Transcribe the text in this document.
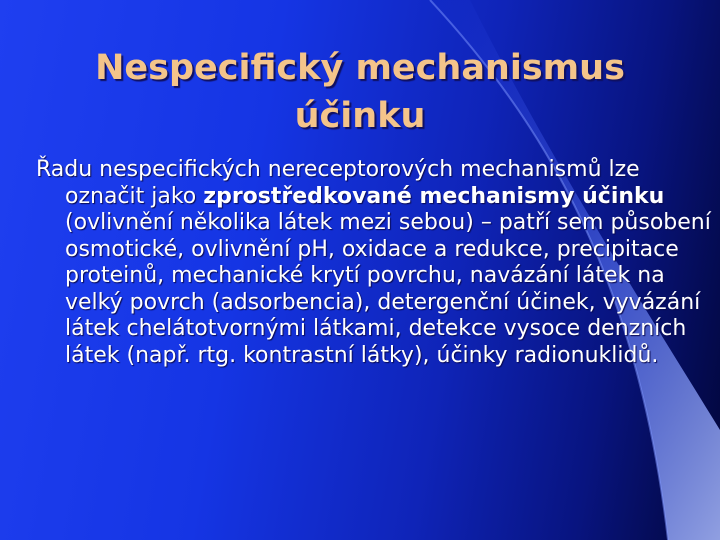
Nespecifický mechanismus
účinku

Řadu nespecifických nereceptorových mechanismů lze označit jako zprostředkované mechanismy účinku (ovlivnění několika látek mezi sebou) – patří sem působení osmotické, ovlivnění pH, oxidace a redukce, precipitace proteinů, mechanické krytí povrchu, navázání látek na velký povrch (adsorbencia), detergenční účinek, vyvázání látek chelátotvornými látkami, detekce vysoce denzních látek (např. rtg. kontrastní látky), účinky radionuklidů.
